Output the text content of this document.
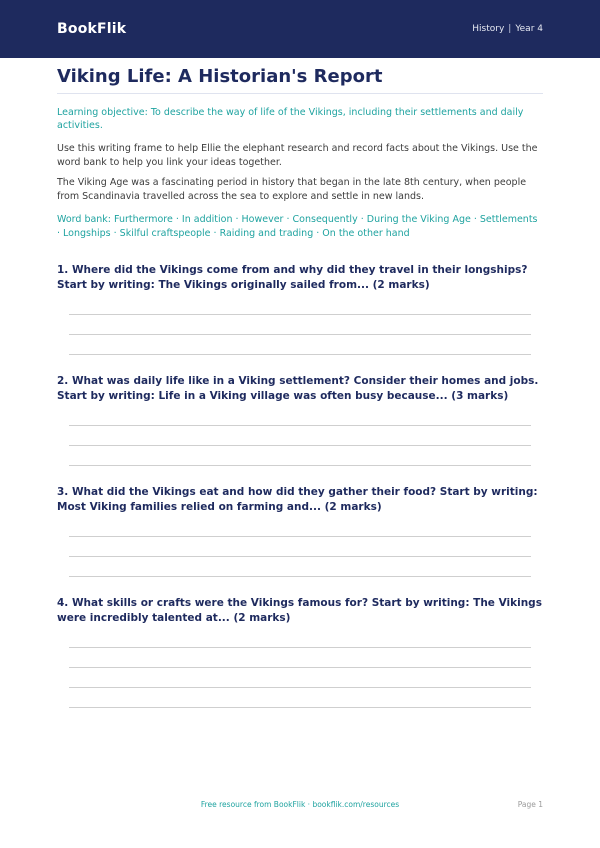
BookFlik	History | Year 4
Viking Life: A Historian's Report
Learning objective: To describe the way of life of the Vikings, including their settlements and daily activities.
Use this writing frame to help Ellie the elephant research and record facts about the Vikings. Use the word bank to help you link your ideas together.
The Viking Age was a fascinating period in history that began in the late 8th century, when people from Scandinavia travelled across the sea to explore and settle in new lands.
Word bank: Furthermore · In addition · However · Consequently · During the Viking Age · Settlements · Longships · Skilful craftspeople · Raiding and trading · On the other hand
1. Where did the Vikings come from and why did they travel in their longships? Start by writing: The Vikings originally sailed from... (2 marks)
2. What was daily life like in a Viking settlement? Consider their homes and jobs. Start by writing: Life in a Viking village was often busy because... (3 marks)
3. What did the Vikings eat and how did they gather their food? Start by writing: Most Viking families relied on farming and... (2 marks)
4. What skills or crafts were the Vikings famous for? Start by writing: The Vikings were incredibly talented at... (2 marks)
Free resource from BookFlik · bookflik.com/resources	Page 1
